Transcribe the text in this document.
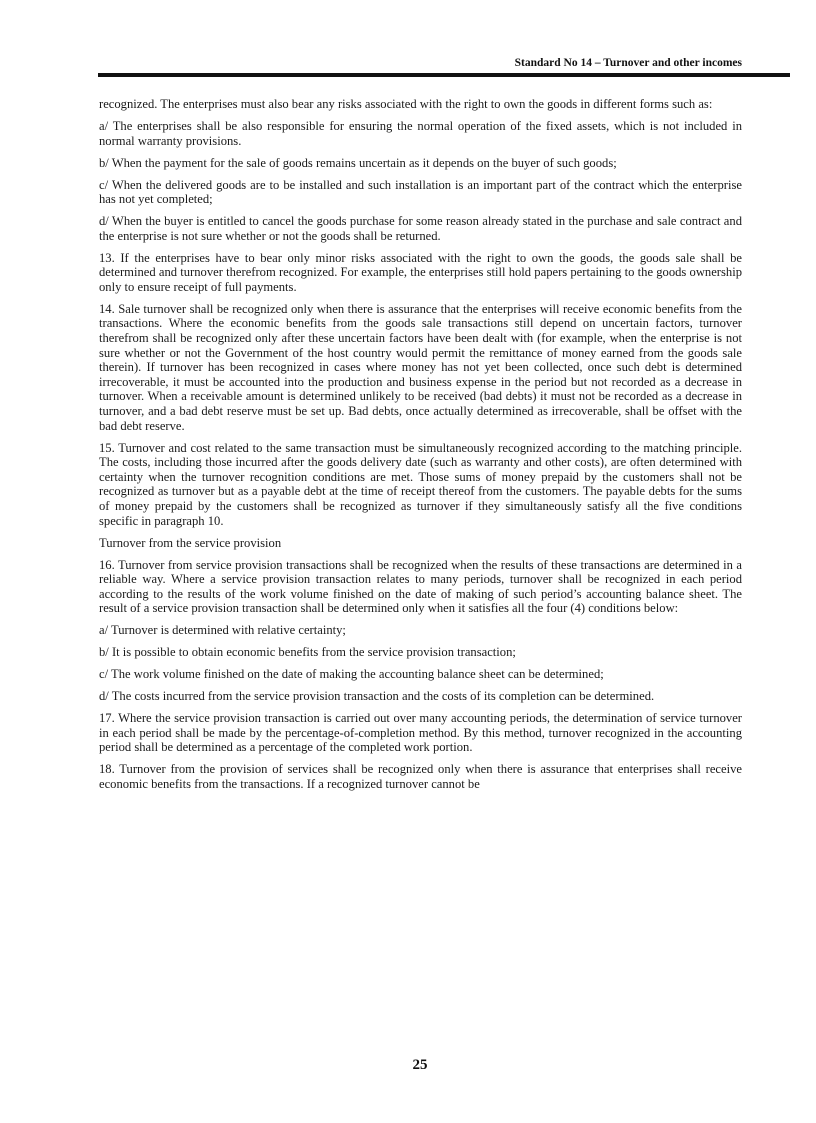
Standard No 14 – Turnover and other incomes

recognized. The enterprises must also bear any risks associated with the right to own the goods in different forms such as:

a/ The enterprises shall be also responsible for ensuring the normal operation of the fixed assets, which is not included in normal warranty provisions.

b/ When the payment for the sale of goods remains uncertain as it depends on the buyer of such goods;

c/ When the delivered goods are to be installed and such installation is an important part of the contract which the enterprise has not yet completed;

d/ When the buyer is entitled to cancel the goods purchase for some reason already stated in the purchase and sale contract and the enterprise is not sure whether or not the goods shall be returned.

13. If the enterprises have to bear only minor risks associated with the right to own the goods, the goods sale shall be determined and turnover therefrom recognized. For example, the enterprises still hold papers pertaining to the goods ownership only to ensure receipt of full payments.

14. Sale turnover shall be recognized only when there is assurance that the enterprises will receive economic benefits from the transactions. Where the economic benefits from the goods sale transactions still depend on uncertain factors, turnover therefrom shall be recognized only after these uncertain factors have been dealt with (for example, when the enterprise is not sure whether or not the Government of the host country would permit the remittance of money earned from the goods sale therein). If turnover has been recognized in cases where money has not yet been collected, once such debt is determined irrecoverable, it must be accounted into the production and business expense in the period but not recorded as a decrease in turnover. When a receivable amount is determined unlikely to be received (bad debts) it must not be recorded as a decrease in turnover, and a bad debt reserve must be set up. Bad debts, once actually determined as irrecoverable, shall be offset with the bad debt reserve.

15. Turnover and cost related to the same transaction must be simultaneously recognized according to the matching principle. The costs, including those incurred after the goods delivery date (such as warranty and other costs), are often determined with certainty when the turnover recognition conditions are met. Those sums of money prepaid by the customers shall not be recognized as turnover but as a payable debt at the time of receipt thereof from the customers. The payable debts for the sums of money prepaid by the customers shall be recognized as turnover if they simultaneously satisfy all the five conditions specific in paragraph 10.

Turnover from the service provision

16. Turnover from service provision transactions shall be recognized when the results of these transactions are determined in a reliable way. Where a service provision transaction relates to many periods, turnover shall be recognized in each period according to the results of the work volume finished on the date of making of such period’s accounting balance sheet. The result of a service provision transaction shall be determined only when it satisfies all the four (4) conditions below:

a/ Turnover is determined with relative certainty;

b/ It is possible to obtain economic benefits from the service provision transaction;

c/ The work volume finished on the date of making the accounting balance sheet can be determined;

d/ The costs incurred from the service provision transaction and the costs of its completion can be determined.

17. Where the service provision transaction is carried out over many accounting periods, the determination of service turnover in each period shall be made by the percentage-of-completion method. By this method, turnover recognized in the accounting period shall be determined as a percentage of the completed work portion.

18. Turnover from the provision of services shall be recognized only when there is assurance that enterprises shall receive economic benefits from the transactions. If a recognized turnover cannot be

25
